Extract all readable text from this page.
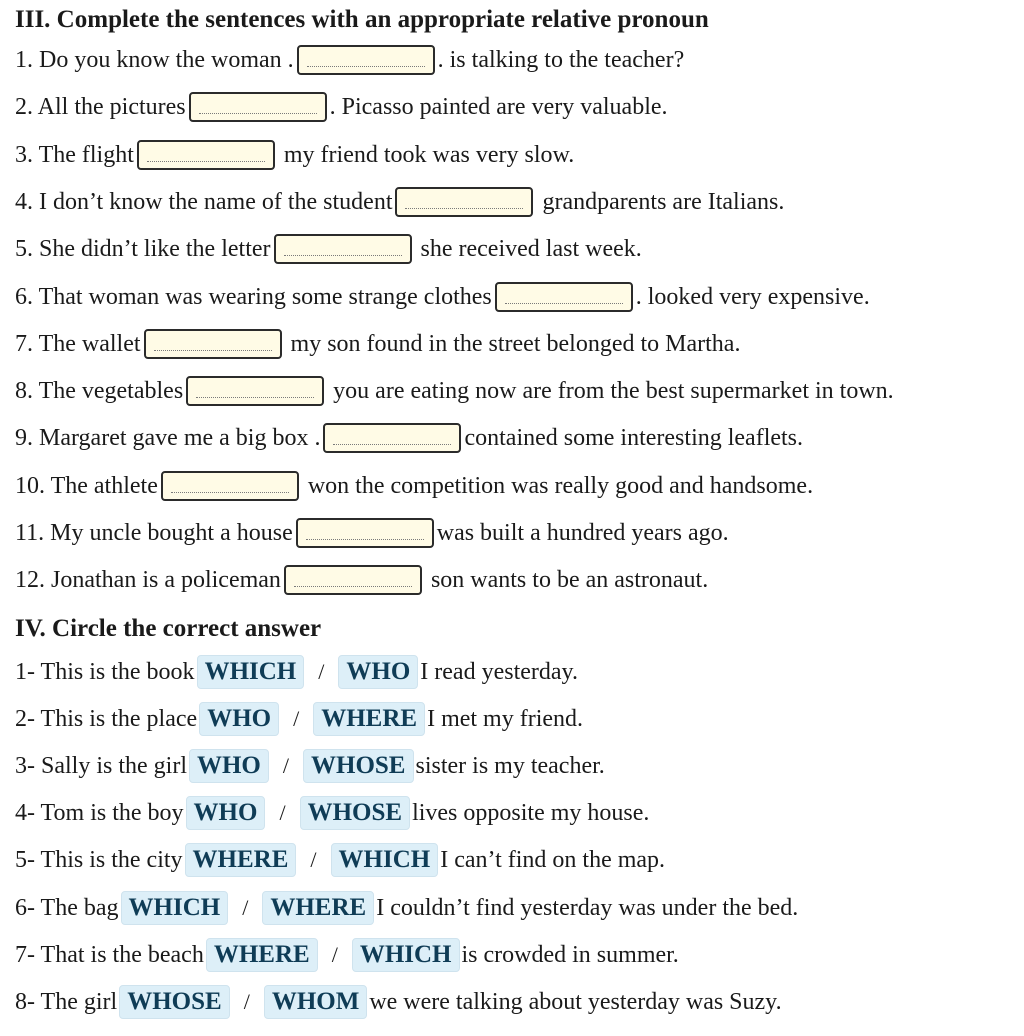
III. Complete the sentences with an appropriate relative pronoun
1. Do you know the woman .	. is talking to the teacher?
2. All the pictures	. Picasso painted are very valuable.
3. The flight	my friend took was very slow.
4. I don’t know the name of the student	grandparents are Italians.
5. She didn’t like the letter	she received last week.
6. That woman was wearing some strange clothes	. looked very expensive.
7. The wallet	my son found in the street belonged to Martha.
8. The vegetables	you are eating now are from the best supermarket in town.
9. Margaret gave me a big box .	contained some interesting leaflets.
10. The athlete	won the competition was really good and handsome.
11. My uncle bought a house	was built a hundred years ago.
12. Jonathan is a policeman	son wants to be an astronaut.
IV. Circle the correct answer
1- This is the book WHICH	/ WHO I read yesterday.
2- This is the place WHO	/ WHERE I met my friend.
3- Sally is the girl WHO	/ WHOSE sister is my teacher.
4- Tom is the boy WHO	/ WHOSE lives opposite my house.
5- This is the city WHERE	/ WHICH I can’t find on the map.
6- The bag WHICH	/ WHERE I couldn’t find yesterday was under the bed.
7- That is the beach WHERE	/ WHICH is crowded in summer.
8- The girl WHOSE	/ WHOM we were talking about yesterday was Suzy.
